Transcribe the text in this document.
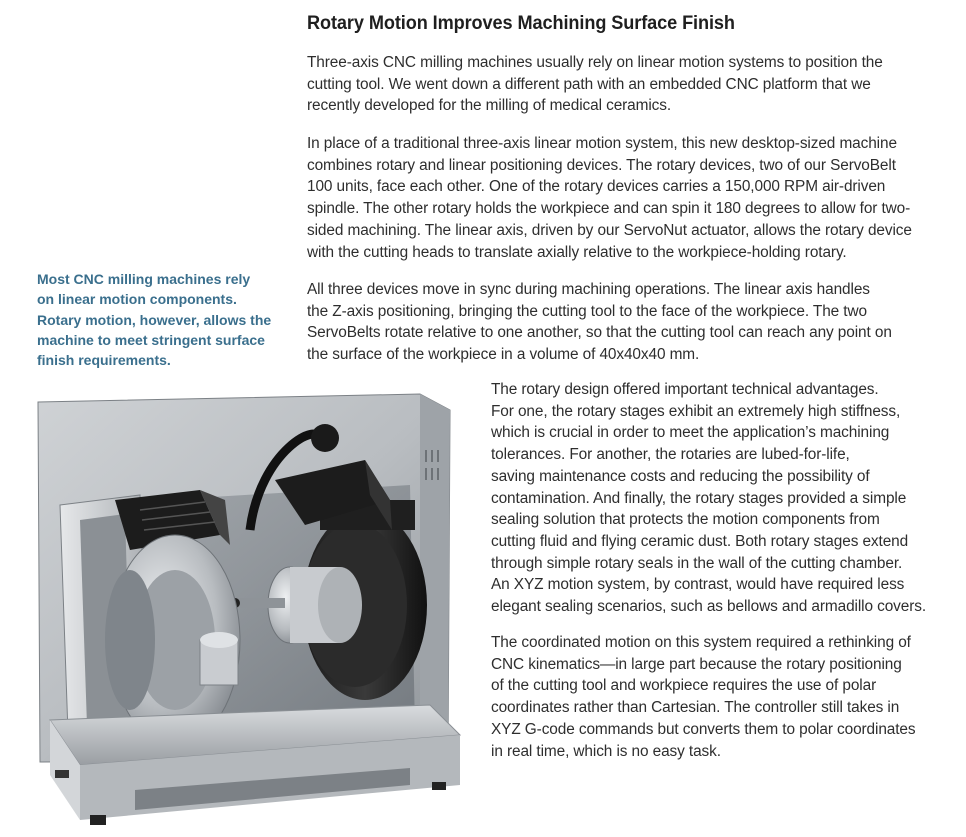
Rotary Motion Improves Machining Surface Finish

Three-axis CNC milling machines usually rely on linear motion systems to position the
cutting tool. We went down a different path with an embedded CNC platform that we
recently developed for the milling of medical ceramics.

In place of a traditional three-axis linear motion system, this new desktop-sized machine
combines rotary and linear positioning devices. The rotary devices, two of our ServoBelt
100 units, face each other. One of the rotary devices carries a 150,000 RPM air-driven
spindle. The other rotary holds the workpiece and can spin it 180 degrees to allow for two-
sided machining. The linear axis, driven by our ServoNut actuator, allows the rotary device
with the cutting heads to translate axially relative to the workpiece-holding rotary.

All three devices move in sync during machining operations. The linear axis handles
the Z-axis positioning, bringing the cutting tool to the face of the workpiece. The two
ServoBelts rotate relative to one another, so that the cutting tool can reach any point on
the surface of the workpiece in a volume of 40x40x40 mm.

The rotary design offered important technical advantages.
For one, the rotary stages exhibit an extremely high stiffness,
which is crucial in order to meet the application’s machining
tolerances. For another, the rotaries are lubed-for-life,
saving maintenance costs and reducing the possibility of
contamination. And finally, the rotary stages provided a simple
sealing solution that protects the motion components from
cutting fluid and flying ceramic dust. Both rotary stages extend
through simple rotary seals in the wall of the cutting chamber.
An XYZ motion system, by contrast, would have required less
elegant sealing scenarios, such as bellows and armadillo covers.

The coordinated motion on this system required a rethinking of
CNC kinematics—in large part because the rotary positioning
of the cutting tool and workpiece requires the use of polar
coordinates rather than Cartesian. The controller still takes in
XYZ G-code commands but converts them to polar coordinates
in real time, which is no easy task.

Most CNC milling machines rely
on linear motion components.
Rotary motion, however, allows the
machine to meet stringent surface
finish requirements.
